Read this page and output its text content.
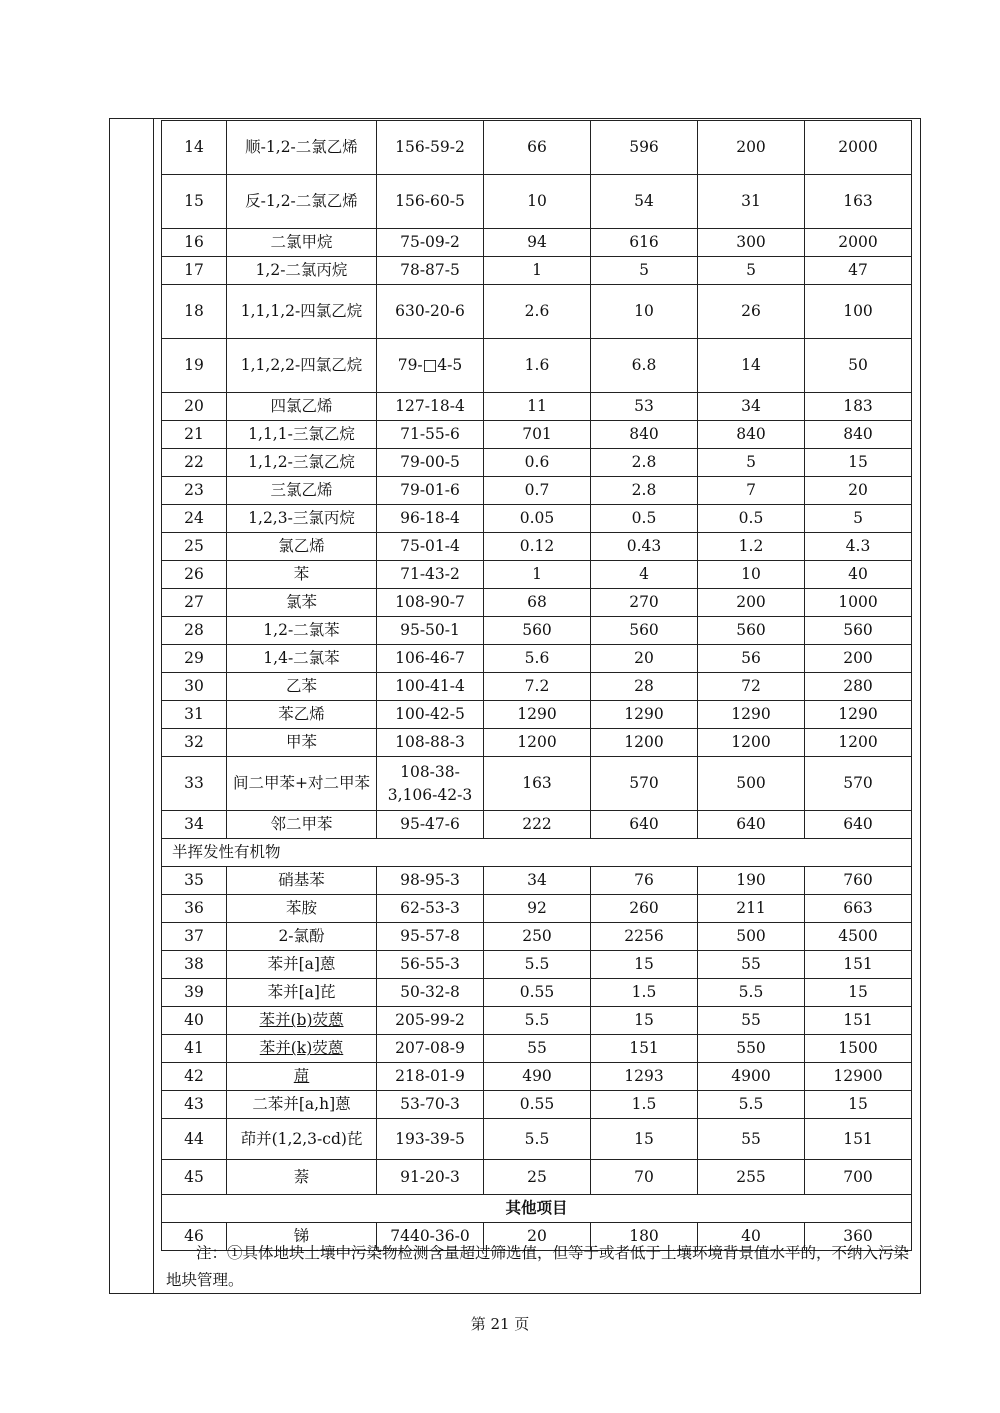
14	顺-1,2-二氯乙烯	156-59-2	66	596	200	2000
15	反-1,2-二氯乙烯	156-60-5	10	54	31	163
16	二氯甲烷	75-09-2	94	616	300	2000
17	1,2-二氯丙烷	78-87-5	1	5	5	47
18	1,1,1,2-四氯乙烷	630-20-6	2.6	10	26	100
19	1,1,2,2-四氯乙烷	79-□4-5	1.6	6.8	14	50
20	四氯乙烯	127-18-4	11	53	34	183
21	1,1,1-三氯乙烷	71-55-6	701	840	840	840
22	1,1,2-三氯乙烷	79-00-5	0.6	2.8	5	15
23	三氯乙烯	79-01-6	0.7	2.8	7	20
24	1,2,3-三氯丙烷	96-18-4	0.05	0.5	0.5	5
25	氯乙烯	75-01-4	0.12	0.43	1.2	4.3
26	苯	71-43-2	1	4	10	40
27	氯苯	108-90-7	68	270	200	1000
28	1,2-二氯苯	95-50-1	560	560	560	560
29	1,4-二氯苯	106-46-7	5.6	20	56	200
30	乙苯	100-41-4	7.2	28	72	280
31	苯乙烯	100-42-5	1290	1290	1290	1290
32	甲苯	108-88-3	1200	1200	1200	1200
33	间二甲苯+对二甲苯	108-38-3,106-42-3	163	570	500	570
34	邻二甲苯	95-47-6	222	640	640	640
半挥发性有机物						
35	硝基苯	98-95-3	34	76	190	760
36	苯胺	62-53-3	92	260	211	663
37	2-氯酚	95-57-8	250	2256	500	4500
38	苯并[a]蒽	56-55-3	5.5	15	55	151
39	苯并[a]芘	50-32-8	0.55	1.5	5.5	15
40	苯并(b)荧蒽	205-99-2	5.5	15	55	151
41	苯并(k)荧蒽	207-08-9	55	151	550	1500
42	䓛	218-01-9	490	1293	4900	12900
43	二苯并[a,h]蒽	53-70-3	0.55	1.5	5.5	15
44	茚并(1,2,3-cd)芘	193-39-5	5.5	15	55	151
45	萘	91-20-3	25	70	255	700
其他项目						
46	锑	7440-36-0	20	180	40	360
注：①具体地块土壤中污染物检测含量超过筛选值，但等于或者低于土壤环境背景值水平的，不纳入污染地块管理。
第 21 页
